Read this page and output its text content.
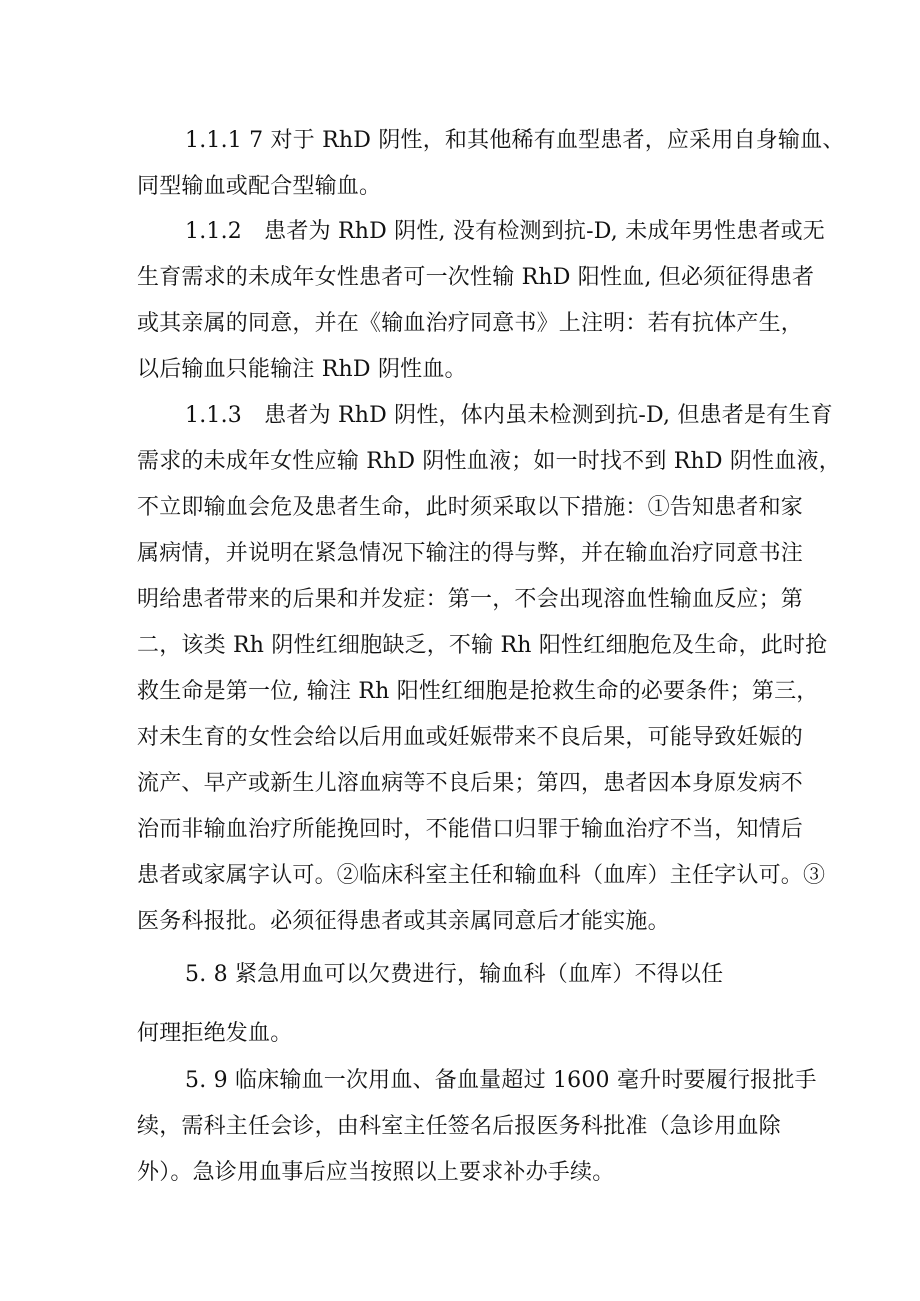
1.1.1 7 对于 RhD 阴性，和其他稀有血型患者，应采用自身输血、

同型输血或配合型输血。

1.1.2　患者为 RhD 阴性, 没有检测到抗-D, 未成年男性患者或无

生育需求的未成年女性患者可一次性输 RhD 阳性血, 但必须征得患者

或其亲属的同意，并在《输血治疗同意书》上注明：若有抗体产生，

以后输血只能输注 RhD 阴性血。

1.1.3　患者为 RhD 阴性，体内虽未检测到抗-D, 但患者是有生育

需求的未成年女性应输 RhD 阴性血液；如一时找不到 RhD 阴性血液，

不立即输血会危及患者生命，此时须采取以下措施：①告知患者和家

属病情，并说明在紧急情况下输注的得与弊，并在输血治疗同意书注

明给患者带来的后果和并发症：第一，不会出现溶血性输血反应；第

二，该类 Rh 阴性红细胞缺乏，不输 Rh 阳性红细胞危及生命，此时抢

救生命是第一位, 输注 Rh 阳性红细胞是抢救生命的必要条件；第三，

对未生育的女性会给以后用血或妊娠带来不良后果，可能导致妊娠的

流产、早产或新生儿溶血病等不良后果；第四，患者因本身原发病不

治而非输血治疗所能挽回时，不能借口归罪于输血治疗不当，知情后

患者或家属字认可。②临床科室主任和输血科（血库）主任字认可。③

医务科报批。必须征得患者或其亲属同意后才能实施。

5. 8 紧急用血可以欠费进行，输血科（血库）不得以任

何理拒绝发血。

5. 9 临床输血一次用血、备血量超过 1600 毫升时要履行报批手

续，需科主任会诊，由科室主任签名后报医务科批准（急诊用血除

外）。急诊用血事后应当按照以上要求补办手续。
